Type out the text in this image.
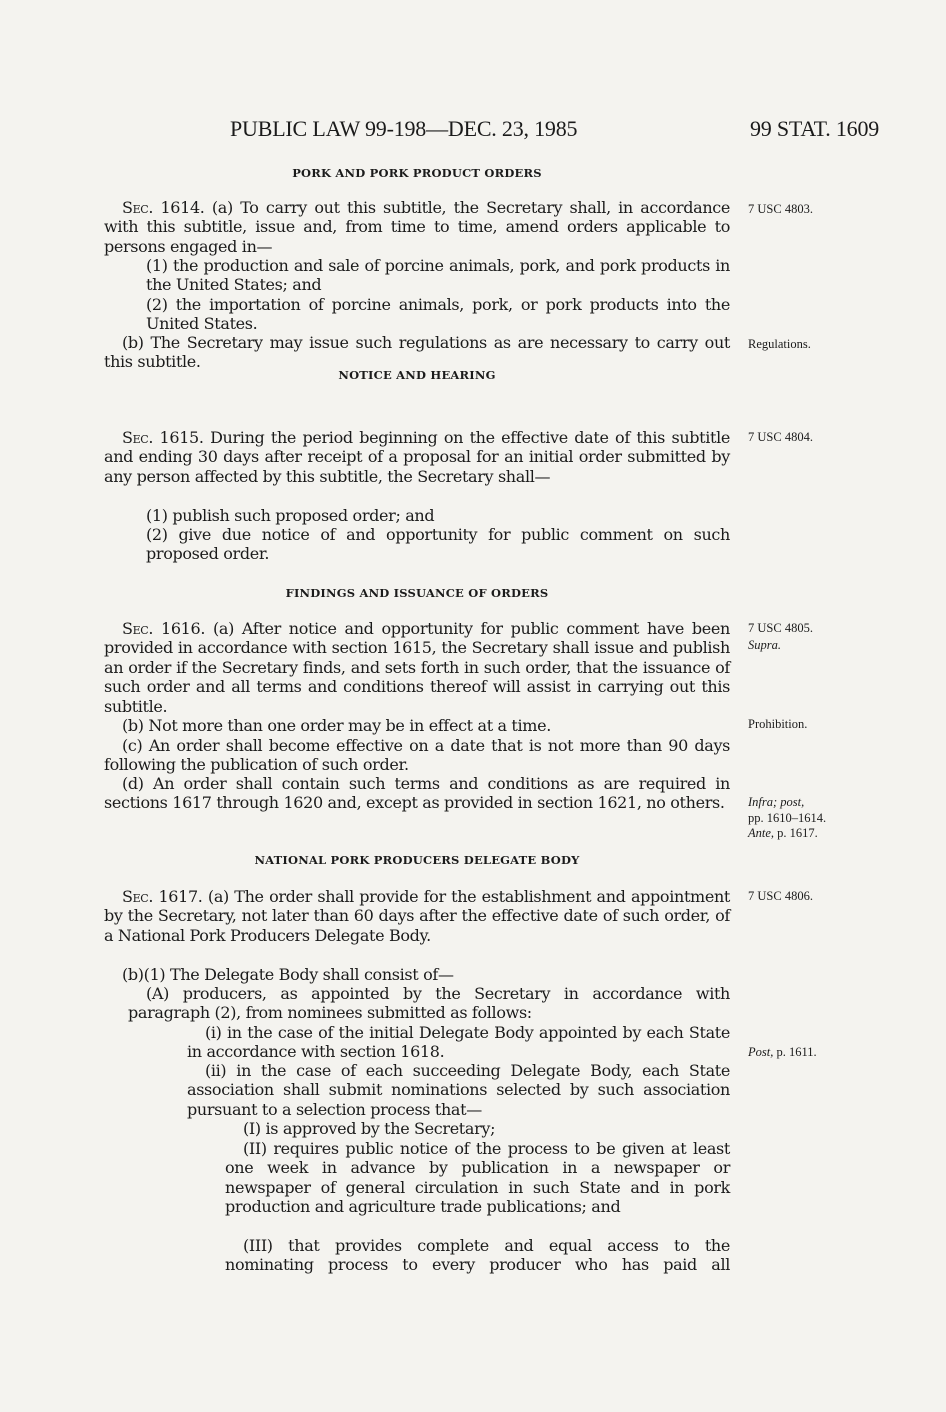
PUBLIC LAW 99-198—DEC. 23, 1985	99 STAT. 1609
PORK AND PORK PRODUCT ORDERS
Sec. 1614. (a) To carry out this subtitle, the Secretary shall, in accordance with this subtitle, issue and, from time to time, amend orders applicable to persons engaged in—
(1) the production and sale of porcine animals, pork, and pork products in the United States; and
(2) the importation of porcine animals, pork, or pork products into the United States.
(b) The Secretary may issue such regulations as are necessary to carry out this subtitle.
NOTICE AND HEARING
Sec. 1615. During the period beginning on the effective date of this subtitle and ending 30 days after receipt of a proposal for an initial order submitted by any person affected by this subtitle, the Secretary shall—
(1) publish such proposed order; and
(2) give due notice of and opportunity for public comment on such proposed order.
FINDINGS AND ISSUANCE OF ORDERS
Sec. 1616. (a) After notice and opportunity for public comment have been provided in accordance with section 1615, the Secretary shall issue and publish an order if the Secretary finds, and sets forth in such order, that the issuance of such order and all terms and conditions thereof will assist in carrying out this subtitle.
(b) Not more than one order may be in effect at a time.
(c) An order shall become effective on a date that is not more than 90 days following the publication of such order.
(d) An order shall contain such terms and conditions as are required in sections 1617 through 1620 and, except as provided in section 1621, no others.
NATIONAL PORK PRODUCERS DELEGATE BODY
Sec. 1617. (a) The order shall provide for the establishment and appointment by the Secretary, not later than 60 days after the effective date of such order, of a National Pork Producers Delegate Body.
(b)(1) The Delegate Body shall consist of—
(A) producers, as appointed by the Secretary in accordance with paragraph (2), from nominees submitted as follows:
(i) in the case of the initial Delegate Body appointed by each State in accordance with section 1618.
(ii) in the case of each succeeding Delegate Body, each State association shall submit nominations selected by such association pursuant to a selection process that—
(I) is approved by the Secretary;
(II) requires public notice of the process to be given at least one week in advance by publication in a newspaper or newspaper of general circulation in such State and in pork production and agriculture trade publications; and
(III) that provides complete and equal access to the nominating process to every producer who has paid all
7 USC 4803.
Regulations.
7 USC 4804.
7 USC 4805.
Supra.
Prohibition.
Infra; post,
pp. 1610–1614.
Ante, p. 1617.
7 USC 4806.
Post, p. 1611.
